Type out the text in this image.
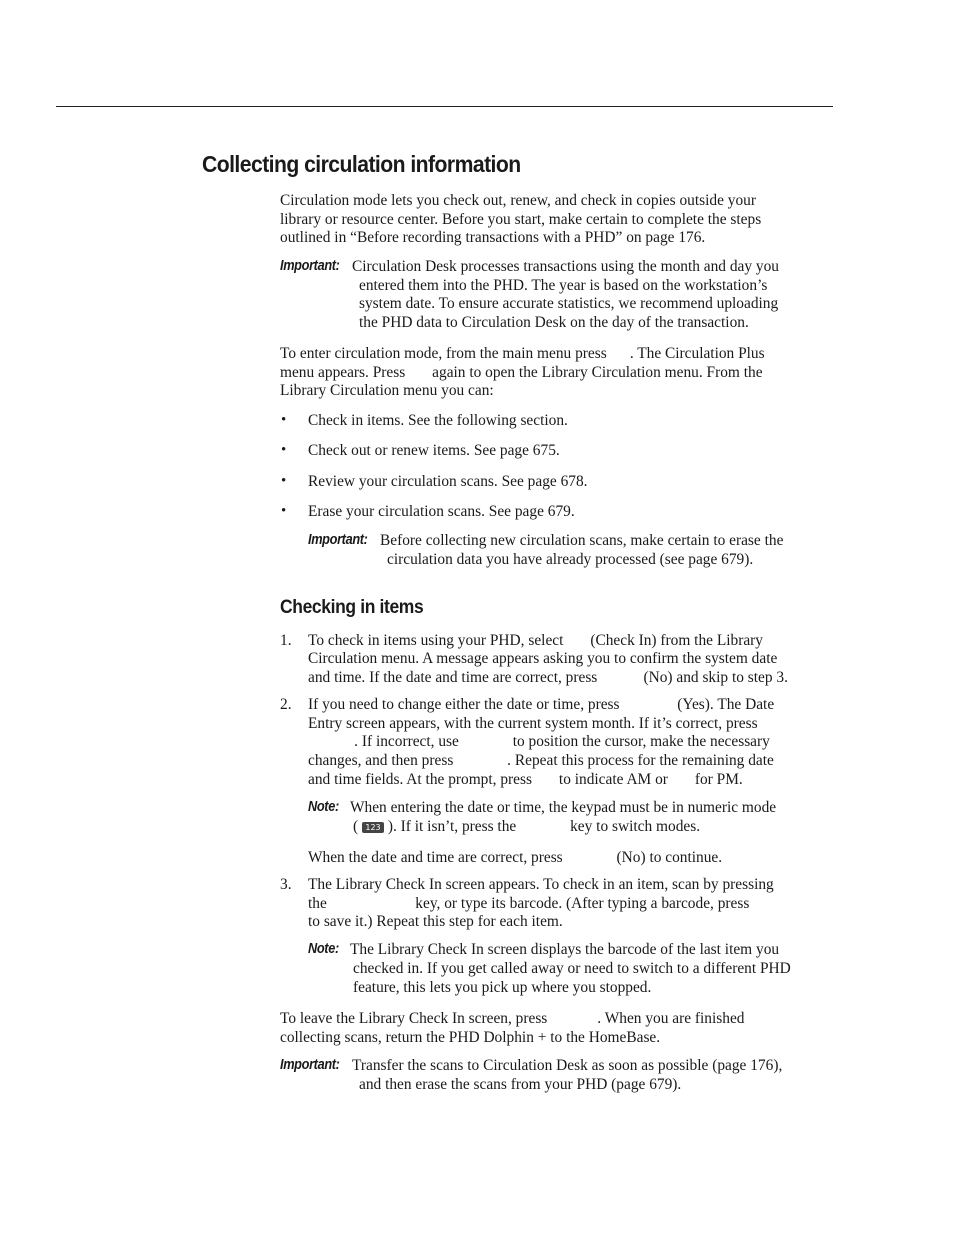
Collecting circulation information
Circulation mode lets you check out, renew, and check in copies outside your
library or resource center. Before you start, make certain to complete the steps
outlined in “Before recording transactions with a PHD” on page 176.
Important: Circulation Desk processes transactions using the month and day you
entered them into the PHD. The year is based on the workstation’s
system date. To ensure accurate statistics, we recommend uploading
the PHD data to Circulation Desk on the day of the transaction.
To enter circulation mode, from the main menu press      . The Circulation Plus
menu appears. Press       again to open the Library Circulation menu. From the
Library Circulation menu you can:
• Check in items. See the following section.
• Check out or renew items. See page 675.
• Review your circulation scans. See page 678.
• Erase your circulation scans. See page 679.
Important: Before collecting new circulation scans, make certain to erase the
circulation data you have already processed (see page 679).
Checking in items
1. To check in items using your PHD, select       (Check In) from the Library
Circulation menu. A message appears asking you to confirm the system date
and time. If the date and time are correct, press            (No) and skip to step 3.
2. If you need to change either the date or time, press               (Yes). The Date
Entry screen appears, with the current system month. If it’s correct, press
. If incorrect, use              to position the cursor, make the necessary
changes, and then press              . Repeat this process for the remaining date
and time fields. At the prompt, press       to indicate AM or       for PM.
Note: When entering the date or time, the keypad must be in numeric mode
( 123 ). If it isn’t, press the              key to switch modes.
When the date and time are correct, press              (No) to continue.
3. The Library Check In screen appears. To check in an item, scan by pressing
the                       key, or type its barcode. (After typing a barcode, press
to save it.) Repeat this step for each item.
Note: The Library Check In screen displays the barcode of the last item you
checked in. If you get called away or need to switch to a different PHD
feature, this lets you pick up where you stopped.
To leave the Library Check In screen, press             . When you are finished
collecting scans, return the PHD Dolphin + to the HomeBase.
Important: Transfer the scans to Circulation Desk as soon as possible (page 176),
and then erase the scans from your PHD (page 679).
